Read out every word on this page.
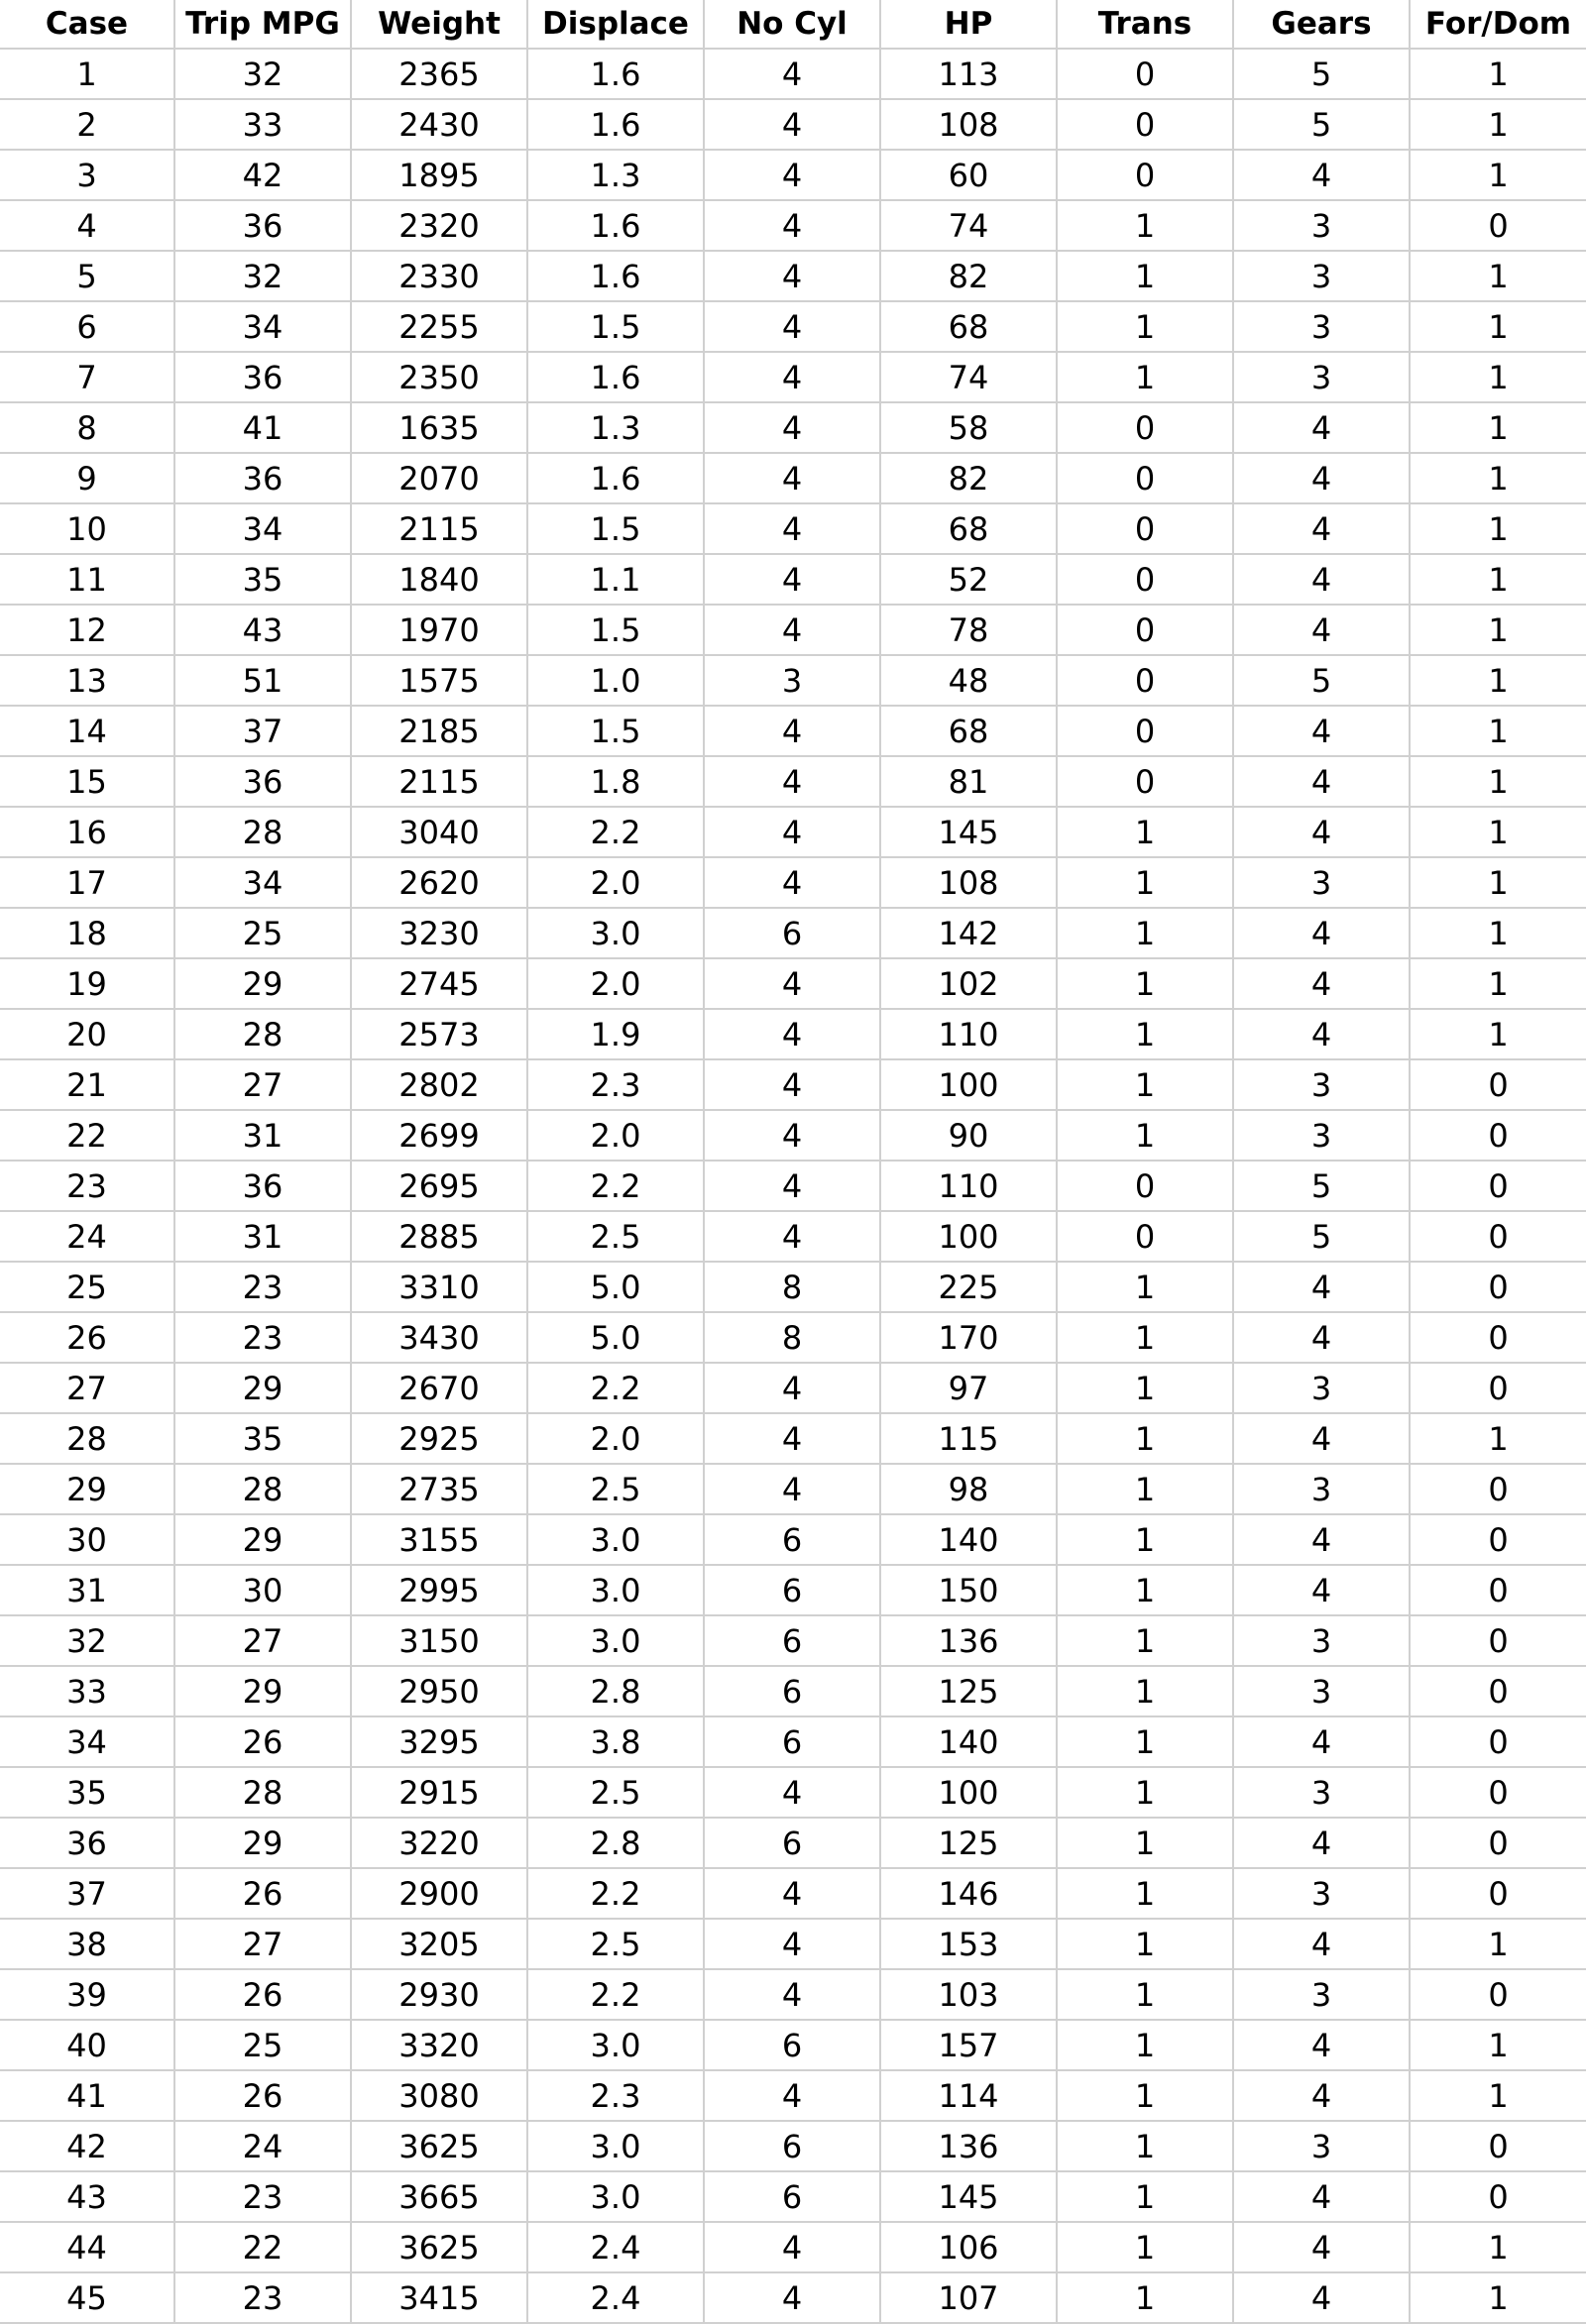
Case	Trip MPG	Weight	Displace	No Cyl	HP	Trans	Gears	For/Dom
1	32	2365	1.6	4	113	0	5	1
2	33	2430	1.6	4	108	0	5	1
3	42	1895	1.3	4	60	0	4	1
4	36	2320	1.6	4	74	1	3	0
5	32	2330	1.6	4	82	1	3	1
6	34	2255	1.5	4	68	1	3	1
7	36	2350	1.6	4	74	1	3	1
8	41	1635	1.3	4	58	0	4	1
9	36	2070	1.6	4	82	0	4	1
10	34	2115	1.5	4	68	0	4	1
11	35	1840	1.1	4	52	0	4	1
12	43	1970	1.5	4	78	0	4	1
13	51	1575	1.0	3	48	0	5	1
14	37	2185	1.5	4	68	0	4	1
15	36	2115	1.8	4	81	0	4	1
16	28	3040	2.2	4	145	1	4	1
17	34	2620	2.0	4	108	1	3	1
18	25	3230	3.0	6	142	1	4	1
19	29	2745	2.0	4	102	1	4	1
20	28	2573	1.9	4	110	1	4	1
21	27	2802	2.3	4	100	1	3	0
22	31	2699	2.0	4	90	1	3	0
23	36	2695	2.2	4	110	0	5	0
24	31	2885	2.5	4	100	0	5	0
25	23	3310	5.0	8	225	1	4	0
26	23	3430	5.0	8	170	1	4	0
27	29	2670	2.2	4	97	1	3	0
28	35	2925	2.0	4	115	1	4	1
29	28	2735	2.5	4	98	1	3	0
30	29	3155	3.0	6	140	1	4	0
31	30	2995	3.0	6	150	1	4	0
32	27	3150	3.0	6	136	1	3	0
33	29	2950	2.8	6	125	1	3	0
34	26	3295	3.8	6	140	1	4	0
35	28	2915	2.5	4	100	1	3	0
36	29	3220	2.8	6	125	1	4	0
37	26	2900	2.2	4	146	1	3	0
38	27	3205	2.5	4	153	1	4	1
39	26	2930	2.2	4	103	1	3	0
40	25	3320	3.0	6	157	1	4	1
41	26	3080	2.3	4	114	1	4	1
42	24	3625	3.0	6	136	1	3	0
43	23	3665	3.0	6	145	1	4	0
44	22	3625	2.4	4	106	1	4	1
45	23	3415	2.4	4	107	1	4	1
